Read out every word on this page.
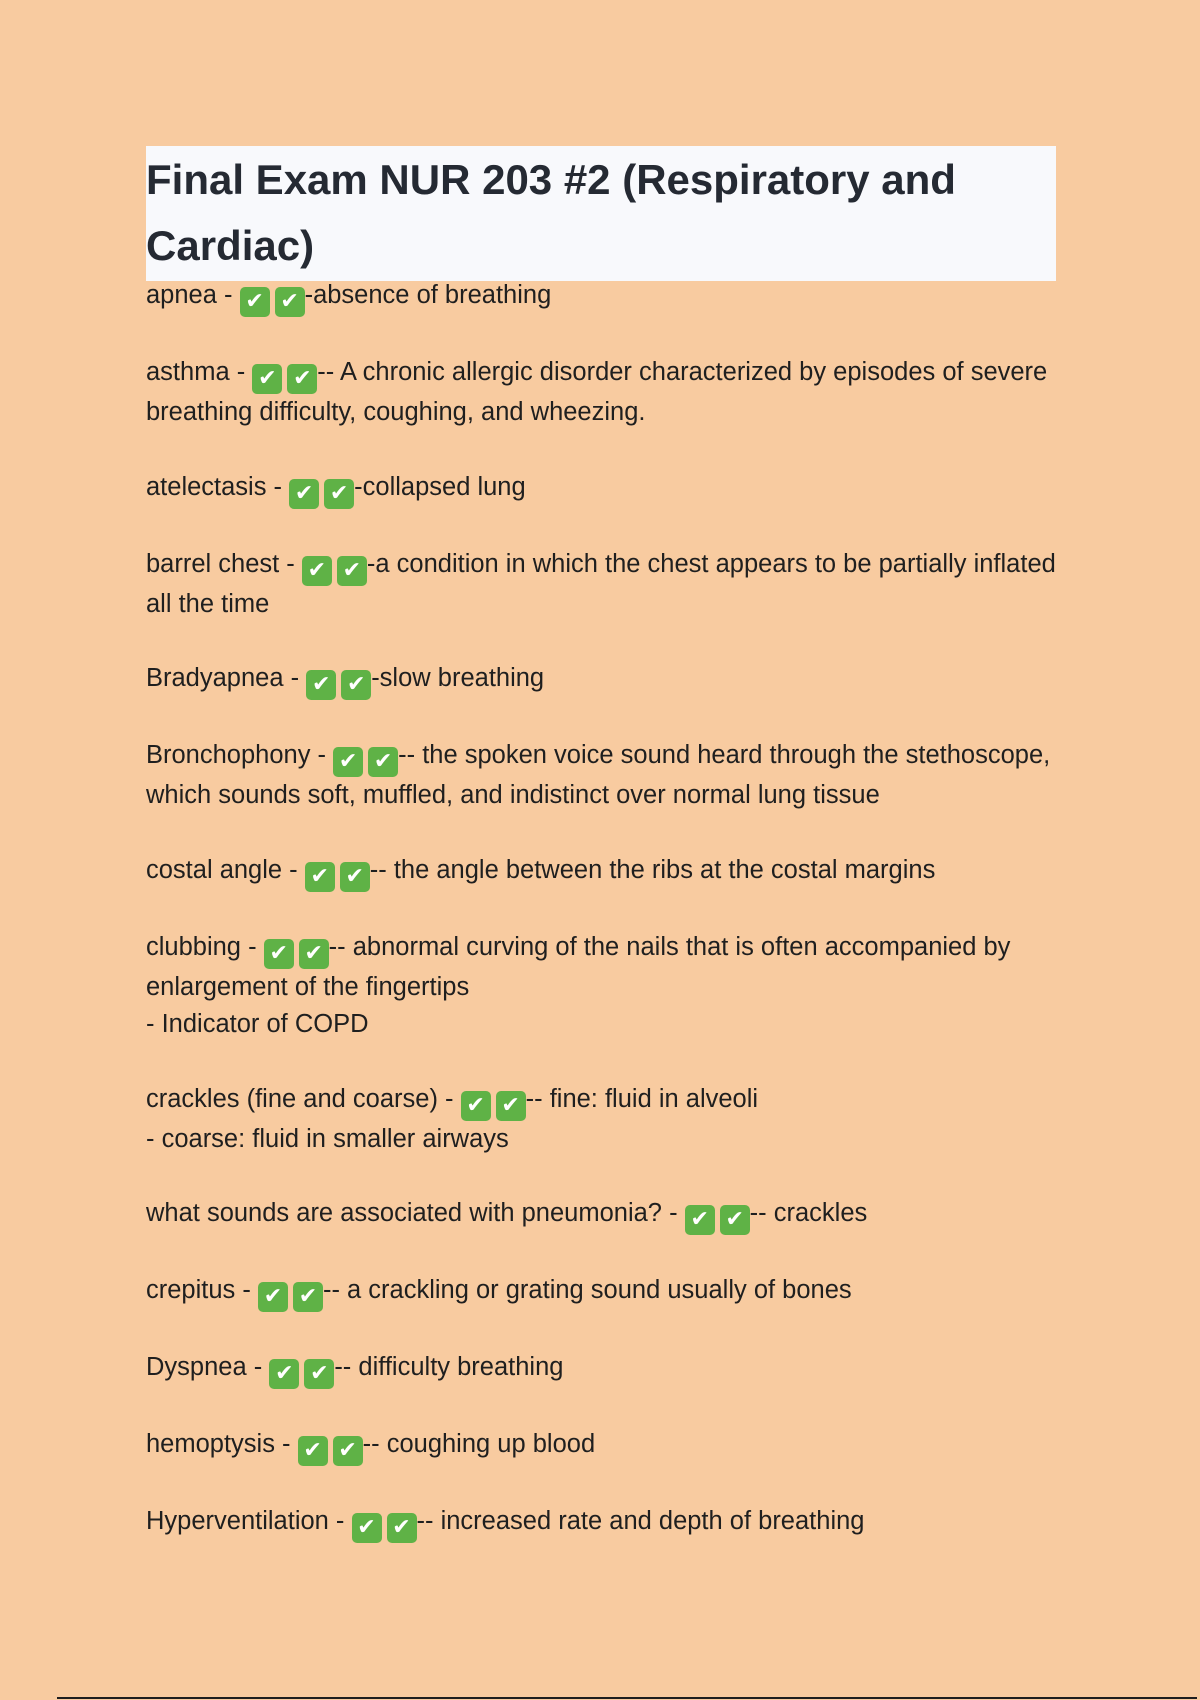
Final Exam NUR 203 #2 (Respiratory and Cardiac)
apnea - ✔ ✔ -absence of breathing
asthma - ✔ ✔ -- A chronic allergic disorder characterized by episodes of severe breathing difficulty, coughing, and wheezing.
atelectasis - ✔ ✔ -collapsed lung
barrel chest - ✔ ✔ -a condition in which the chest appears to be partially inflated all the time
Bradyapnea - ✔ ✔ -slow breathing
Bronchophony - ✔ ✔ -- the spoken voice sound heard through the stethoscope, which sounds soft, muffled, and indistinct over normal lung tissue
costal angle - ✔ ✔ -- the angle between the ribs at the costal margins
clubbing - ✔ ✔ -- abnormal curving of the nails that is often accompanied by enlargement of the fingertips
- Indicator of COPD
crackles (fine and coarse) - ✔ ✔ -- fine: fluid in alveoli
- coarse: fluid in smaller airways
what sounds are associated with pneumonia? - ✔ ✔ -- crackles
crepitus - ✔ ✔ -- a crackling or grating sound usually of bones
Dyspnea - ✔ ✔ -- difficulty breathing
hemoptysis - ✔ ✔ -- coughing up blood
Hyperventilation - ✔ ✔ -- increased rate and depth of breathing
